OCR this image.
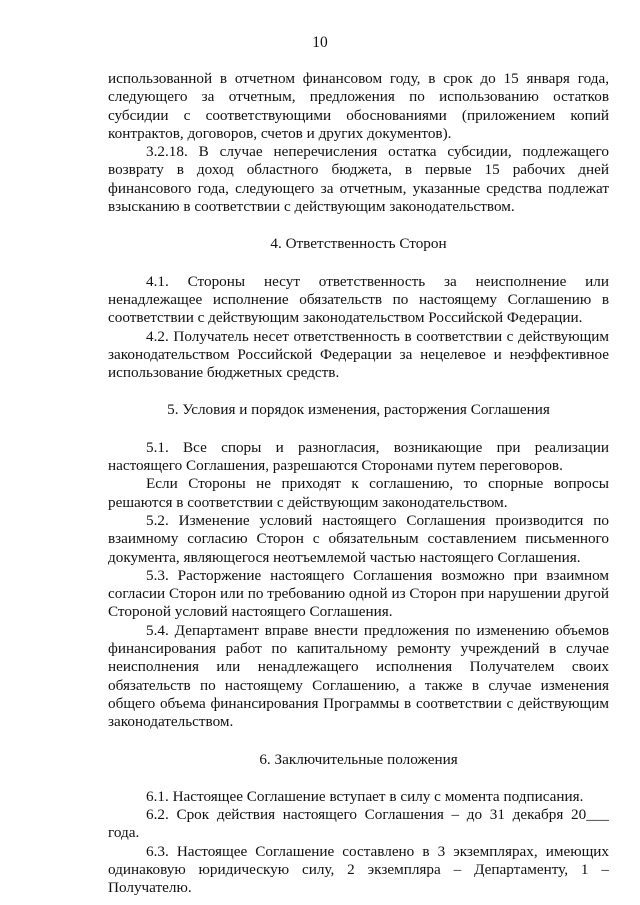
10

использованной в отчетном финансовом году, в срок до 15 января года, следующего за отчетным, предложения по использованию остатков субсидии с соответствующими обоснованиями (приложением копий контрактов, договоров, счетов и других документов).

3.2.18. В случае неперечисления остатка субсидии, подлежащего возврату в доход областного бюджета, в первые 15 рабочих дней финансового года, следующего за отчетным, указанные средства подлежат взысканию в соответствии с действующим законодательством.

4. Ответственность Сторон

4.1. Стороны несут ответственность за неисполнение или ненадлежащее исполнение обязательств по настоящему Соглашению в соответствии с действующим законодательством Российской Федерации.

4.2. Получатель несет ответственность в соответствии с действующим законодательством Российской Федерации за нецелевое и неэффективное использование бюджетных средств.

5. Условия и порядок изменения, расторжения Соглашения

5.1. Все споры и разногласия, возникающие при реализации настоящего Соглашения, разрешаются Сторонами путем переговоров.

Если Стороны не приходят к соглашению, то спорные вопросы решаются в соответствии с действующим законодательством.

5.2. Изменение условий настоящего Соглашения производится по взаимному согласию Сторон с обязательным составлением письменного документа, являющегося неотъемлемой частью настоящего Соглашения.

5.3. Расторжение настоящего Соглашения возможно при взаимном согласии Сторон или по требованию одной из Сторон при нарушении другой Стороной условий настоящего Соглашения.

5.4. Департамент вправе внести предложения по изменению объемов финансирования работ по капитальному ремонту учреждений в случае неисполнения или ненадлежащего исполнения Получателем своих обязательств по настоящему Соглашению, а также в случае изменения общего объема финансирования Программы в соответствии с действующим законодательством.

6. Заключительные положения

6.1. Настоящее Соглашение вступает в силу с момента подписания.

6.2. Срок действия настоящего Соглашения – до 31 декабря 20___ года.

6.3. Настоящее Соглашение составлено в 3 экземплярах, имеющих одинаковую юридическую силу, 2 экземпляра – Департаменту, 1 – Получателю.
